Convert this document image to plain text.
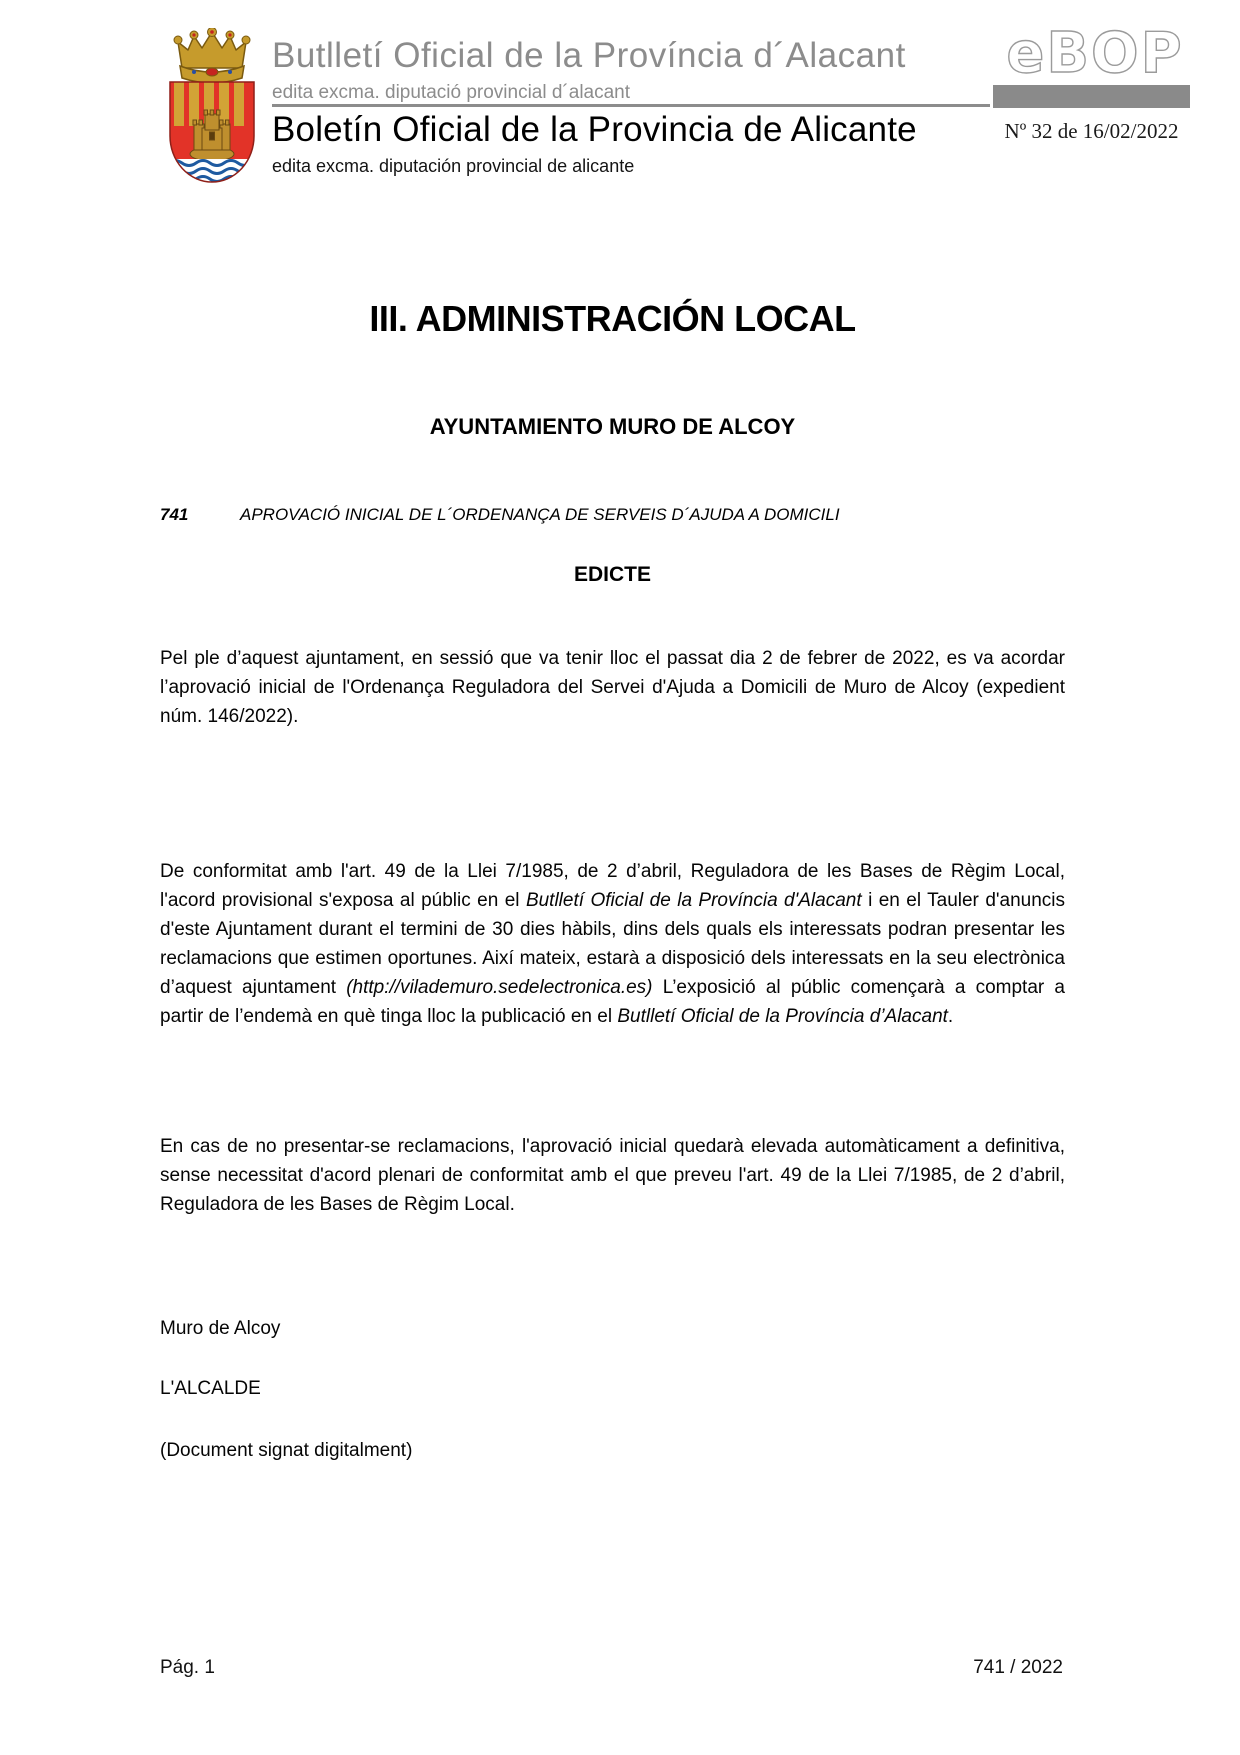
Butlletí Oficial de la Província d´Alacant
edita excma. diputació provincial d´alacant
Boletín Oficial de la Provincia de Alicante
edita excma. diputación provincial de alicante
eBOP
Nº 32 de 16/02/2022
III. ADMINISTRACIÓN LOCAL
AYUNTAMIENTO MURO DE ALCOY
741	APROVACIÓ INICIAL DE L´ORDENANÇA DE SERVEIS D´AJUDA A DOMICILI
EDICTE
Pel ple d’aquest ajuntament, en sessió que va tenir lloc el passat dia 2 de febrer de 2022, es va acordar l’aprovació inicial de l'Ordenança Reguladora del Servei d'Ajuda a Domicili de Muro de Alcoy (expedient núm. 146/2022).
De conformitat amb l'art. 49 de la Llei 7/1985, de 2 d’abril, Reguladora de les Bases de Règim Local, l'acord provisional s'exposa al públic en el Butlletí Oficial de la Província d'Alacant i en el Tauler d'anuncis d'este Ajuntament durant el termini de 30 dies hàbils, dins dels quals els interessats podran presentar les reclamacions que estimen oportunes. Així mateix, estarà a disposició dels interessats en la seu electrònica d’aquest ajuntament (http://vilademuro.sedelectronica.es) L’exposició al públic començarà a comptar a partir de l’endemà en què tinga lloc la publicació en el Butlletí Oficial de la Província d’Alacant.
En cas de no presentar-se reclamacions, l'aprovació inicial quedarà elevada automàticament a definitiva, sense necessitat d'acord plenari de conformitat amb el que preveu l'art. 49 de la Llei 7/1985, de 2 d’abril, Reguladora de les Bases de Règim Local.
Muro de Alcoy
L'ALCALDE
(Document signat digitalment)
Pág. 1	741 / 2022
